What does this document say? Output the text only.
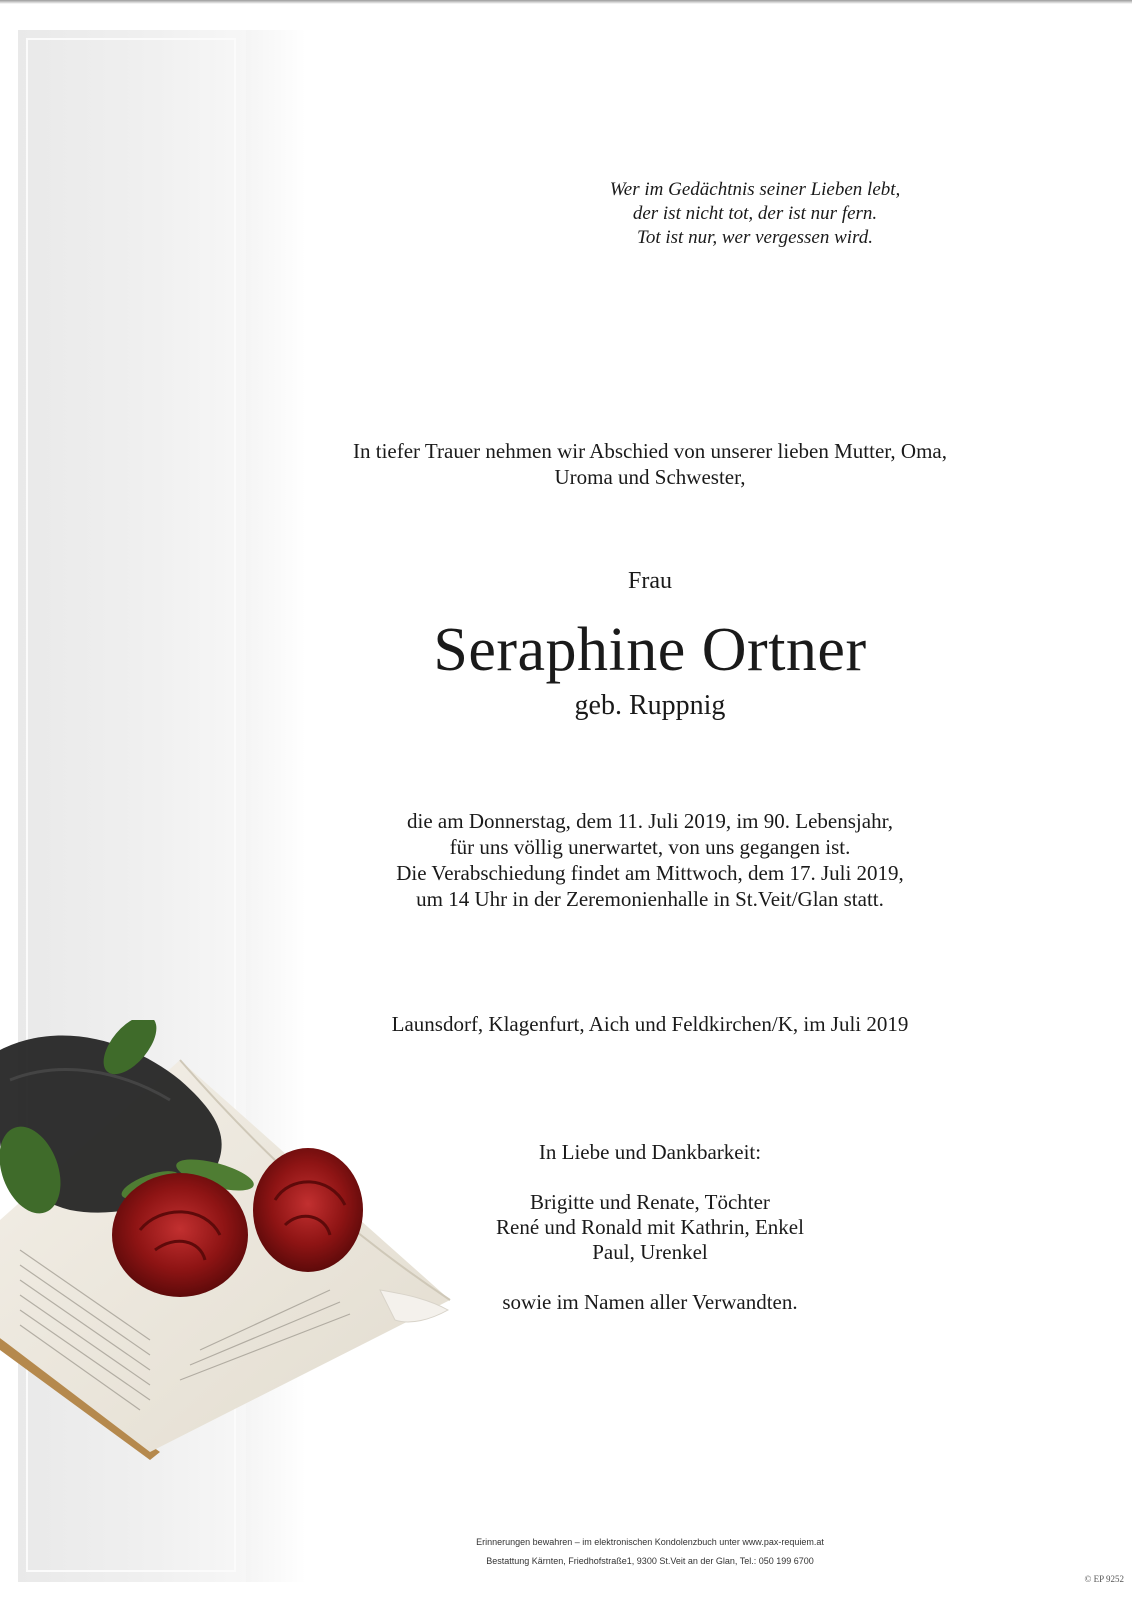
Wer im Gedächtnis seiner Lieben lebt,
der ist nicht tot, der ist nur fern.
Tot ist nur, wer vergessen wird.
In tiefer Trauer nehmen wir Abschied von unserer lieben Mutter, Oma,
Uroma und Schwester,
Frau
Seraphine Ortner
geb. Ruppnig
die am Donnerstag, dem 11. Juli 2019, im 90. Lebensjahr,
für uns völlig unerwartet, von uns gegangen ist.
Die Verabschiedung findet am Mittwoch, dem 17. Juli 2019,
um 14 Uhr in der Zeremonienhalle in St.Veit/Glan statt.
Launsdorf, Klagenfurt, Aich und Feldkirchen/K, im Juli 2019
In Liebe und Dankbarkeit:
Brigitte und Renate, Töchter
René und Ronald mit Kathrin, Enkel
Paul, Urenkel
sowie im Namen aller Verwandten.
Erinnerungen bewahren – im elektronischen Kondolenzbuch unter www.pax-requiem.at
Bestattung Kärnten, Friedhofstraße1, 9300 St.Veit an der Glan, Tel.: 050 199 6700
© EP 9252
